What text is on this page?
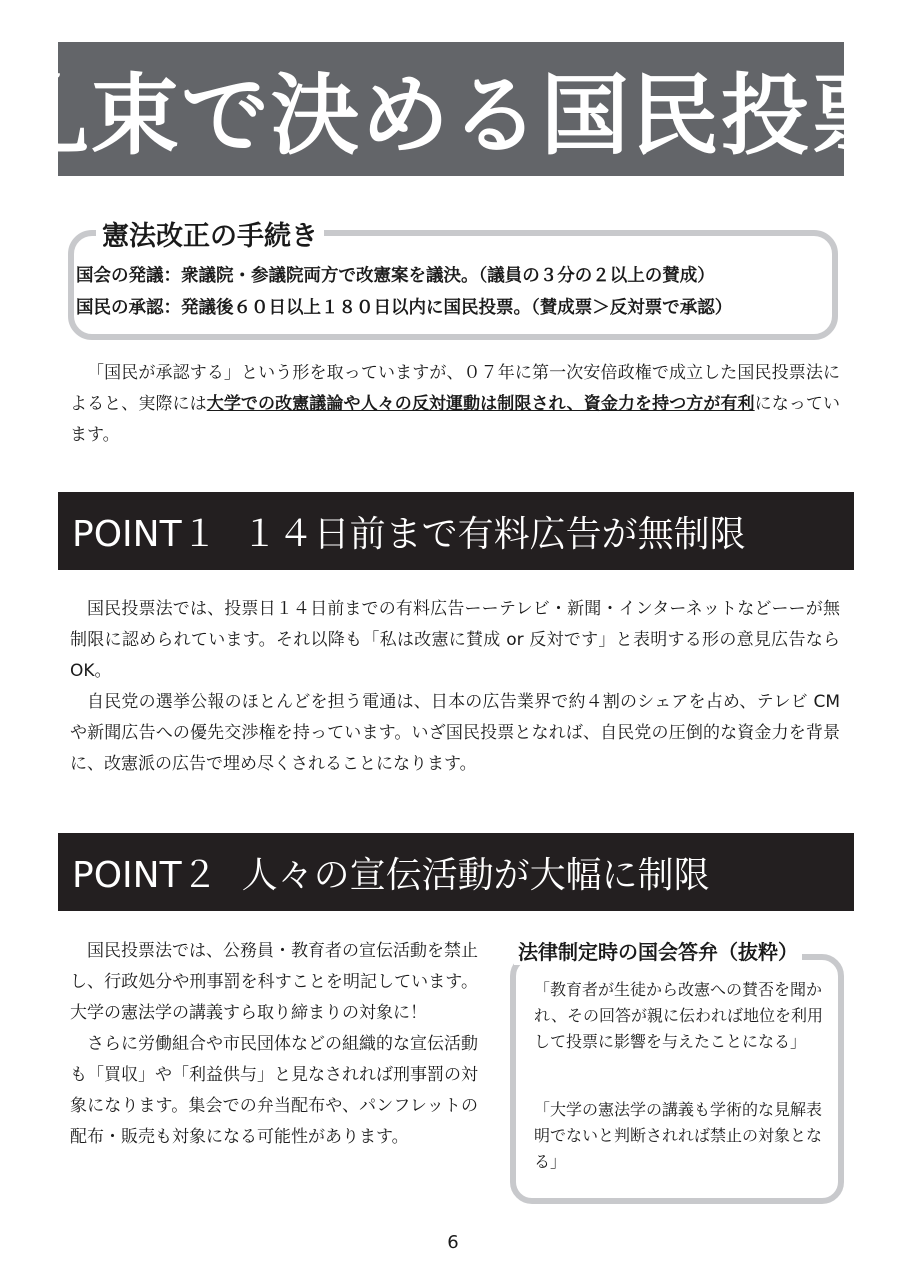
札束で決める国民投票
憲法改正の手続き
国会の発議：衆議院・参議院両方で改憲案を議決。（議員の３分の２以上の賛成）
国民の承認：発議後６０日以上１８０日以内に国民投票。（賛成票＞反対票で承認）

「国民が承認する」という形を取っていますが、０７年に第一次安倍政権で成立した国民投票法によると、実際には大学での改憲議論や人々の反対運動は制限され、資金力を持つ方が有利になっています。

POINT１ １４日前まで有料広告が無制限

国民投票法では、投票日１４日前までの有料広告ーーテレビ・新聞・インターネットなどーーが無制限に認められています。それ以降も「私は改憲に賛成 or 反対です」と表明する形の意見広告なら OK。

自民党の選挙公報のほとんどを担う電通は、日本の広告業界で約４割のシェアを占め、テレビ CM や新聞広告への優先交渉権を持っています。いざ国民投票となれば、自民党の圧倒的な資金力を背景に、改憲派の広告で埋め尽くされることになります。

POINT２ 人々の宣伝活動が大幅に制限

国民投票法では、公務員・教育者の宣伝活動を禁止し、行政処分や刑事罰を科すことを明記しています。大学の憲法学の講義すら取り締まりの対象に！

さらに労働組合や市民団体などの組織的な宣伝活動も「買収」や「利益供与」と見なされれば刑事罰の対象になります。集会での弁当配布や、パンフレットの配布・販売も対象になる可能性があります。

法律制定時の国会答弁（抜粋）
「教育者が生徒から改憲への賛否を聞かれ、その回答が親に伝われば地位を利用して投票に影響を与えたことになる」
「大学の憲法学の講義も学術的な見解表明でないと判断されれば禁止の対象となる」
6
